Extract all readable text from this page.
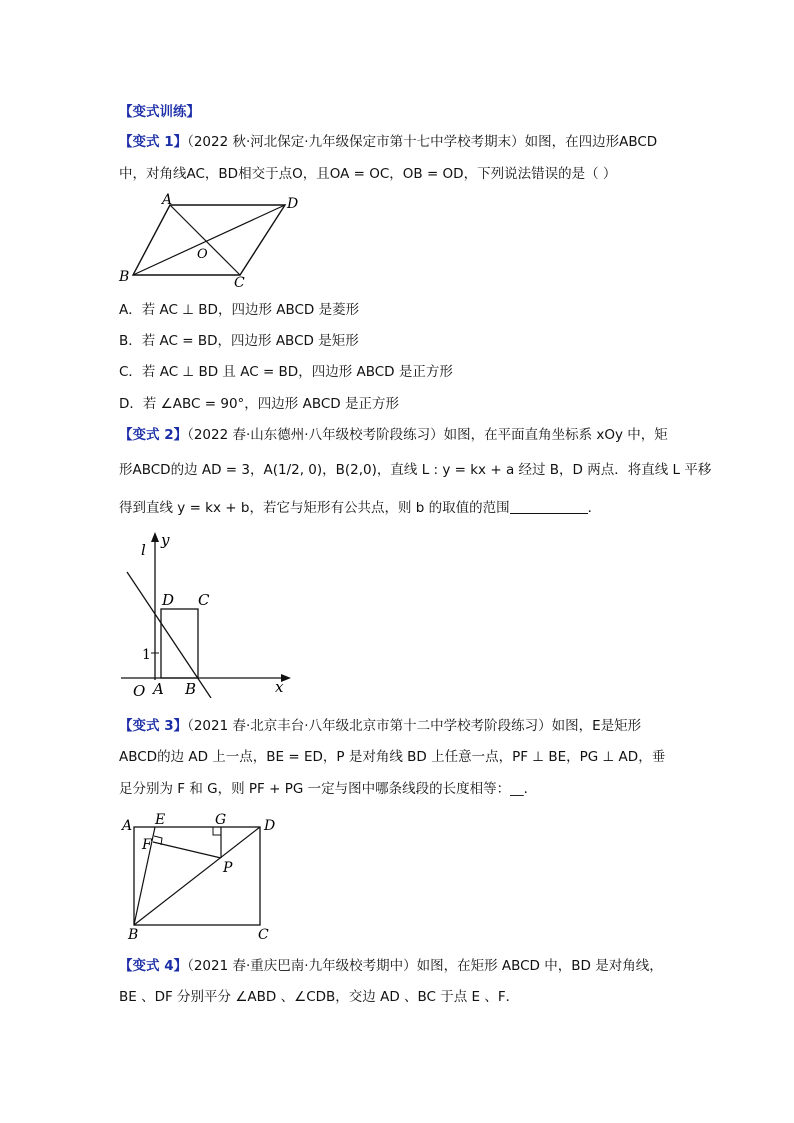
【变式训练】
【变式 1】（2022 秋·河北保定·九年级保定市第十七中学校考期末）如图，在四边形ABCD
中，对角线AC，BD相交于点O，且OA = OC，OB = OD，下列说法错误的是（ ）
A	D
B	C
O
A．若 AC ⊥ BD，四边形 ABCD 是菱形
B．若 AC = BD，四边形 ABCD 是矩形
C．若 AC ⊥ BD 且 AC = BD，四边形 ABCD 是正方形
D．若 ∠ABC = 90°，四边形 ABCD 是正方形
【变式 2】（2022 春·山东德州·八年级校考阶段练习）如图，在平面直角坐标系 xOy 中，矩
形ABCD的边 AD = 3，A(1/2, 0)，B(2,0)，直线 L : y = kx + a 经过 B，D 两点．将直线 L 平移
得到直线 y = kx + b，若它与矩形有公共点，则 b 的取值的范围	．
l
y
x
O A B
D C
1
【变式 3】（2021 春·北京丰台·八年级北京市第十二中学校考阶段练习）如图，E是矩形
ABCD的边 AD 上一点，BE = ED，P 是对角线 BD 上任意一点，PF ⊥ BE，PG ⊥ AD，垂
足分别为 F 和 G，则 PF + PG 一定与图中哪条线段的长度相等：__．
A E	G	D
F
P
B	C
【变式 4】（2021 春·重庆巴南·九年级校考期中）如图，在矩形 ABCD 中，BD 是对角线，
BE 、DF 分别平分 ∠ABD 、∠CDB，交边 AD 、BC 于点 E 、F．
